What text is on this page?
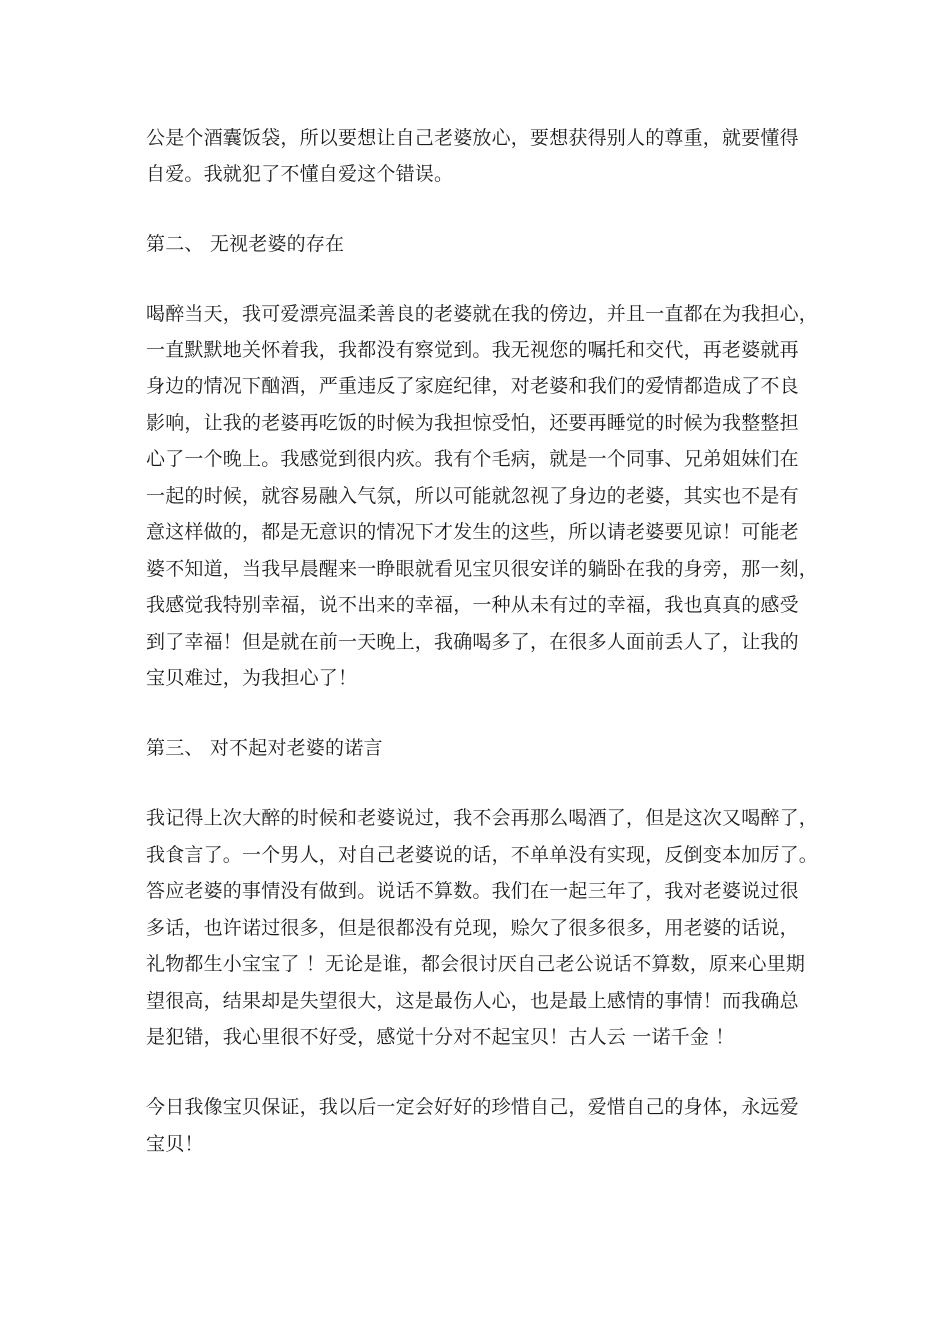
公是个酒囊饭袋，所以要想让自己老婆放心，要想获得别人的尊重，就要懂得
自爱。我就犯了不懂自爱这个错误。
第二、 无视老婆的存在
喝醉当天，我可爱漂亮温柔善良的老婆就在我的傍边，并且一直都在为我担心，
一直默默地关怀着我，我都没有察觉到。我无视您的嘱托和交代，再老婆就再
身边的情况下酗酒，严重违反了家庭纪律，对老婆和我们的爱情都造成了不良
影响，让我的老婆再吃饭的时候为我担惊受怕，还要再睡觉的时候为我整整担
心了一个晚上。我感觉到很内疚。我有个毛病，就是一个同事、兄弟姐妹们在
一起的时候，就容易融入气氛，所以可能就忽视了身边的老婆，其实也不是有
意这样做的，都是无意识的情况下才发生的这些，所以请老婆要见谅！可能老
婆不知道，当我早晨醒来一睁眼就看见宝贝很安详的躺卧在我的身旁，那一刻，
我感觉我特别幸福，说不出来的幸福，一种从未有过的幸福，我也真真的感受
到了幸福！但是就在前一天晚上，我确喝多了，在很多人面前丢人了，让我的
宝贝难过，为我担心了！
第三、 对不起对老婆的诺言
我记得上次大醉的时候和老婆说过，我不会再那么喝酒了，但是这次又喝醉了，
我食言了。一个男人，对自己老婆说的话，不单单没有实现，反倒变本加厉了。
答应老婆的事情没有做到。说话不算数。我们在一起三年了，我对老婆说过很
多话，也许诺过很多，但是很都没有兑现，赊欠了很多很多，用老婆的话说，
礼物都生小宝宝了 ！无论是谁，都会很讨厌自己老公说话不算数，原来心里期
望很高，结果却是失望很大，这是最伤人心，也是最上感情的事情！而我确总
是犯错，我心里很不好受，感觉十分对不起宝贝！古人云 一诺千金 ！
今日我像宝贝保证，我以后一定会好好的珍惜自己，爱惜自己的身体，永远爱
宝贝！
